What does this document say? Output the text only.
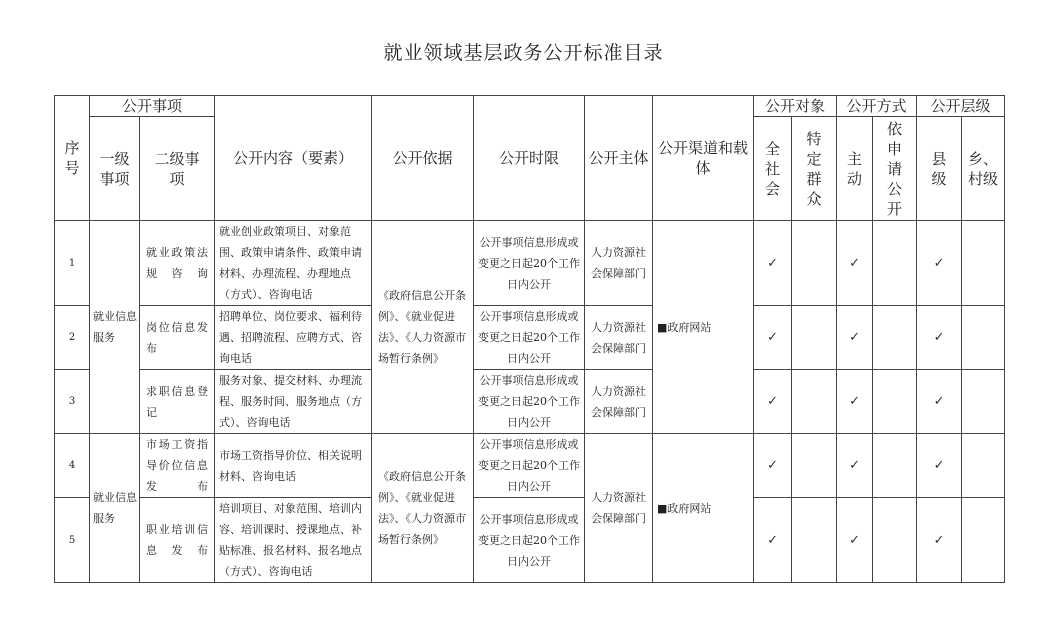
就业领域基层政务公开标准目录
序号	公开事项		公开内容（要素）	公开依据	公开时限	公开主体	公开渠道和载体	公开对象		公开方式		公开层级	

	一级事项	二级事项						全社会	特定群众	主动	依申请公开	县级	乡、村级

1	就业信息服务	就业政策法规咨询	就业创业政策项目、对象范围、政策申请条件、政策申请材料、办理流程、办理地点（方式）、咨询电话	《政府信息公开条例》、《就业促进法》、《人力资源市场暂行条例》	公开事项信息形成或变更之日起20个工作日内公开	人力资源社会保障部门	■政府网站	✓		✓		✓	
2		岗位信息发布	招聘单位、岗位要求、福利待遇、招聘流程、应聘方式、咨询电话		公开事项信息形成或变更之日起20个工作日内公开	人力资源社会保障部门		✓		✓		✓	
3		求职信息登记	服务对象、提交材料、办理流程、服务时间、服务地点（方式）、咨询电话		公开事项信息形成或变更之日起20个工作日内公开	人力资源社会保障部门		✓		✓		✓	
4	就业信息服务	市场工资指导价位信息发布	市场工资指导价位、相关说明材料、咨询电话	《政府信息公开条例》、《就业促进法》、《人力资源市场暂行条例》	公开事项信息形成或变更之日起20个工作日内公开	人力资源社会保障部门	■政府网站	✓		✓		✓	
5		职业培训信息发布	培训项目、对象范围、培训内容、培训课时、授课地点、补贴标准、报名材料、报名地点（方式）、咨询电话		公开事项信息形成或变更之日起20个工作日内公开			✓		✓		✓	
